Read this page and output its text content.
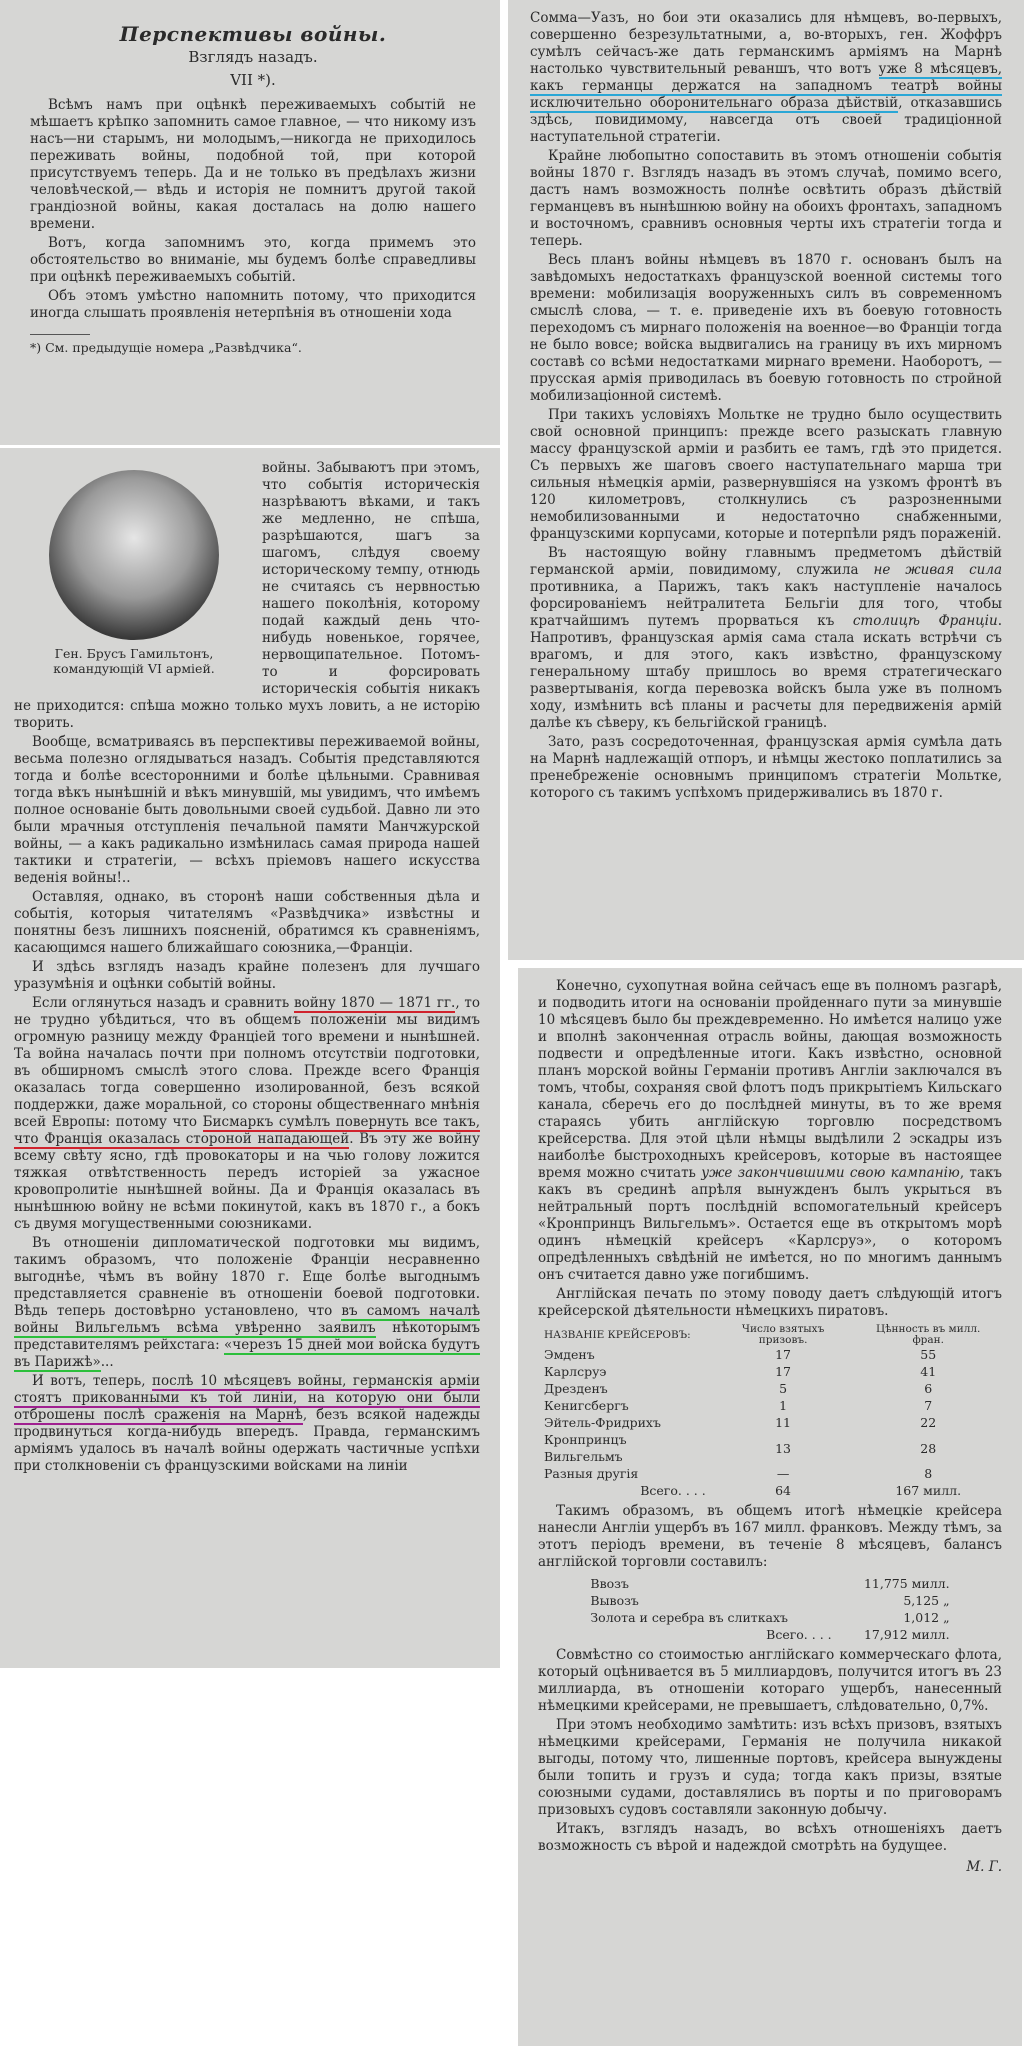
Перспективы войны.
Взглядъ назадъ.
VII *).

Всѣмъ намъ при оцѣнкѣ переживаемыхъ событій не мѣшаетъ крѣпко запомнить самое главное, — что никому изъ насъ—ни старымъ, ни молодымъ,—никогда не приходилось переживать войны, подобной той, при которой присутствуемъ теперь. Да и не только въ предѣлахъ жизни человѣческой,— вѣдь и исторія не помнитъ другой такой грандіозной войны, какая досталась на долю нашего времени.

Вотъ, когда запомнимъ это, когда примемъ это обстоятельство во вниманіе, мы будемъ болѣе справедливы при оцѣнкѣ переживаемыхъ событій.

Объ этомъ умѣстно напомнить потому, что приходится иногда слышать проявленія нетерпѣнія въ отношеніи хода

*) См. предыдущіе номера „Развѣдчика“.
Ген. Брусъ Гамильтонъ, командующій VI арміей.

войны. Забываютъ при этомъ, что событія историческія назрѣваютъ вѣками, и такъ же медленно, не спѣша, разрѣшаются, шагъ за шагомъ, слѣдуя своему историческому темпу, отнюдь не считаясь съ нервностью нашего поколѣнія, которому подай каждый день что-нибудь новенькое, горячее, нервощипательное. Потомъ-то и форсировать историческія событія никакъ не приходится: спѣша можно только мухъ ловить, а не исторію творить.

Вообще, всматриваясь въ перспективы переживаемой войны, весьма полезно оглядываться назадъ. Событія представляются тогда и болѣе всесторонними и болѣе цѣльными. Сравнивая тогда вѣкъ нынѣшній и вѣкъ минувшій, мы увидимъ, что имѣемъ полное основаніе быть довольными своей судьбой. Давно ли это были мрачныя отступленія печальной памяти Манчжурской войны, — а какъ радикально измѣнилась самая природа нашей тактики и стратегіи, — всѣхъ пріемовъ нашего искусства веденія войны!..

Оставляя, однако, въ сторонѣ наши собственныя дѣла и событія, которыя читателямъ «Развѣдчика» извѣстны и понятны безъ лишнихъ поясненій, обратимся къ сравненіямъ, касающимся нашего ближайшаго союзника,—Франціи.

И здѣсь взглядъ назадъ крайне полезенъ для лучшаго уразумѣнія и оцѣнки событій войны.

Если оглянуться назадъ и сравнить войну 1870 — 1871 гг., то не трудно убѣдиться, что въ общемъ положеніи мы видимъ огромную разницу между Франціей того времени и нынѣшней. Та война началась почти при полномъ отсутствіи подготовки, въ обширномъ смыслѣ этого слова. Прежде всего Франція оказалась тогда совершенно изолированной, безъ всякой поддержки, даже моральной, со стороны общественнаго мнѣнія всей Европы: потому что Бисмаркъ сумѣлъ повернуть все такъ, что Франція оказалась стороной нападающей. Въ эту же войну всему свѣту ясно, гдѣ провокаторы и на чью голову ложится тяжкая отвѣтственность передъ исторіей за ужасное кровопролитіе нынѣшней войны. Да и Франція оказалась въ нынѣшнюю войну не всѣми покинутой, какъ въ 1870 г., а бокъ съ двумя могущественными союзниками.

Въ отношеніи дипломатической подготовки мы видимъ, такимъ образомъ, что положеніе Франціи несравненно выгоднѣе, чѣмъ въ войну 1870 г. Еще болѣе выгоднымъ представляется сравненіе въ отношеніи боевой подготовки. Вѣдь теперь достовѣрно установлено, что въ самомъ началѣ войны Вильгельмъ всѣма увѣренно заявилъ нѣкоторымъ представителямъ рейхстага: «черезъ 15 дней мои войска будутъ въ Парижѣ»...

И вотъ, теперь, послѣ 10 мѣсяцевъ войны, германскія арміи стоятъ прикованными къ той линіи, на которую они были отброшены послѣ сраженія на Марнѣ, безъ всякой надежды продвинуться когда-нибудь впередъ. Правда, германскимъ арміямъ удалось въ началѣ войны одержать частичные успѣхи при столкновеніи съ французскими войсками на линіи

Сомма—Уазъ, но бои эти оказались для нѣмцевъ, во-первыхъ, совершенно безрезультатными, а, во-вторыхъ, ген. Жоффръ сумѣлъ сейчасъ-же дать германскимъ арміямъ на Марнѣ настолько чувствительный реваншъ, что вотъ уже 8 мѣсяцевъ, какъ германцы держатся на западномъ театрѣ войны исключительно оборонительнаго образа дѣйствій, отказавшись здѣсь, повидимому, навсегда отъ своей традиціонной наступательной стратегіи.

Крайне любопытно сопоставить въ этомъ отношеніи событія войны 1870 г. Взглядъ назадъ въ этомъ случаѣ, помимо всего, дастъ намъ возможность полнѣе освѣтить образъ дѣйствій германцевъ въ нынѣшнюю войну на обоихъ фронтахъ, западномъ и восточномъ, сравнивъ основныя черты ихъ стратегіи тогда и теперь.

Весь планъ войны нѣмцевъ въ 1870 г. основанъ былъ на завѣдомыхъ недостаткахъ французской военной системы того времени: мобилизація вооруженныхъ силъ въ современномъ смыслѣ слова, — т. е. приведеніе ихъ въ боевую готовность переходомъ съ мирнаго положенія на военное—во Франціи тогда не было вовсе; войска выдвигались на границу въ ихъ мирномъ составѣ со всѣми недостатками мирнаго времени. Наоборотъ, — прусская армія приводилась въ боевую готовность по стройной мобилизаціонной системѣ.

При такихъ условіяхъ Мольтке не трудно было осуществить свой основной принципъ: прежде всего разыскать главную массу французской арміи и разбить ее тамъ, гдѣ это придется. Съ первыхъ же шаговъ своего наступательнаго марша три сильныя нѣмецкія арміи, развернувшіяся на узкомъ фронтѣ въ 120 километровъ, столкнулись съ разрозненными немобилизованными и недостаточно снабженными, французскими корпусами, которые и потерпѣли рядъ пораженій.

Въ настоящую войну главнымъ предметомъ дѣйствій германской арміи, повидимому, служила не живая сила противника, а Парижъ, такъ какъ наступленіе началось форсированіемъ нейтралитета Бельгіи для того, чтобы кратчайшимъ путемъ прорваться къ столицѣ Франціи. Напротивъ, французская армія сама стала искать встрѣчи съ врагомъ, и для этого, какъ извѣстно, французскому генеральному штабу пришлось во время стратегическаго развертыванія, когда перевозка войскъ была уже въ полномъ ходу, измѣнить всѣ планы и расчеты для передвиженія армій далѣе къ сѣверу, къ бельгійской границѣ.

Зато, разъ сосредоточенная, французская армія сумѣла дать на Марнѣ надлежащій отпоръ, и нѣмцы жестоко поплатились за пренебреженіе основнымъ принципомъ стратегіи Мольтке, которого съ такимъ успѣхомъ придерживались въ 1870 г.

Конечно, сухопутная война сейчасъ еще въ полномъ разгарѣ, и подводить итоги на основаніи пройденнаго пути за минувшіе 10 мѣсяцевъ было бы преждевременно. Но имѣется налицо уже и вполнѣ законченная отрасль войны, дающая возможность подвести и опредѣленные итоги. Какъ извѣстно, основной планъ морской войны Германіи противъ Англіи заключался въ томъ, чтобы, сохраняя свой флотъ подъ прикрытіемъ Кильскаго канала, сберечь его до послѣдней минуты, въ то же время стараясь убить англійскую торговлю посредствомъ крейсерства. Для этой цѣли нѣмцы выдѣлили 2 эскадры изъ наиболѣе быстроходныхъ крейсеровъ, которые въ настоящее время можно считать уже закончившими свою кампанію, такъ какъ въ срединѣ апрѣля вынужденъ былъ укрыться въ нейтральный портъ послѣдній вспомогательный крейсеръ «Кронпринцъ Вильгельмъ». Остается еще въ открытомъ морѣ одинъ нѣмецкій крейсеръ «Карлсруэ», о которомъ опредѣленныхъ свѣдѣній не имѣется, но по многимъ даннымъ онъ считается давно уже погибшимъ.

Англійская печать по этому поводу даетъ слѣдующій итогъ крейсерской дѣятельности нѣмецкихъ пиратовъ.

НАЗВАНІЕ КРЕЙСЕРОВЪ:	Число взятыхъ призовъ.	Цѣнность въ милл. фран.
Эмденъ	17	55
Карлсруэ	17	41
Дрезденъ	5	6
Кенигсбергъ	1	7
Эйтель-Фридрихъ	11	22
Кронпринцъ Вильгельмъ	13	28
Разныя другія	—	8
Всего. . . .	64	167 милл.

Такимъ образомъ, въ общемъ итогѣ нѣмецкіе крейсера нанесли Англіи ущербъ въ 167 милл. франковъ. Между тѣмъ, за этотъ періодъ времени, въ теченіе 8 мѣсяцевъ, балансъ англійской торговли составилъ:

Ввозъ	11,775 милл.
Вывозъ	5,125 „
Золота и серебра въ слиткахъ	1,012 „
Всего. . . .	17,912 милл.

Совмѣстно со стоимостью англійскаго коммерческаго флота, который оцѣнивается въ 5 миллиардовъ, получится итогъ въ 23 миллиарда, въ отношеніи котораго ущербъ, нанесенный нѣмецкими крейсерами, не превышаетъ, слѣдовательно, 0,7%.

При этомъ необходимо замѣтить: изъ всѣхъ призовъ, взятыхъ нѣмецкими крейсерами, Германія не получила никакой выгоды, потому что, лишенные портовъ, крейсера вынуждены были топить и грузъ и суда; тогда какъ призы, взятые союзными судами, доставлялись въ порты и по приговорамъ призовыхъ судовъ составляли законную добычу.

Итакъ, взглядъ назадъ, во всѣхъ отношеніяхъ даетъ возможность съ вѣрой и надеждой смотрѣть на будущее.

М. Г.
